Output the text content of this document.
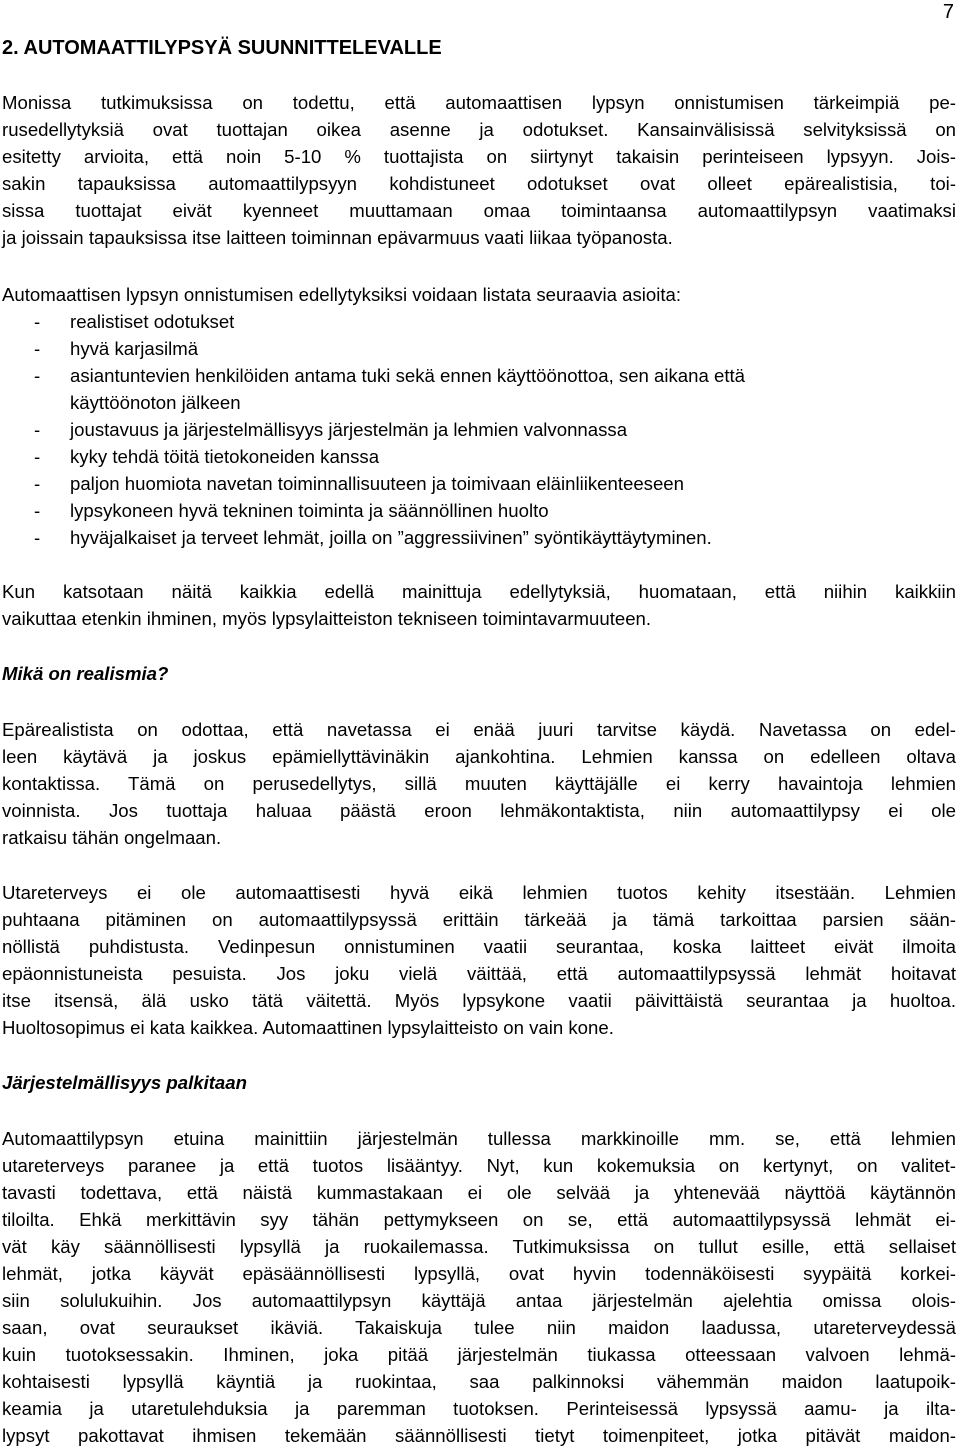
7
2. AUTOMAATTILYPSYÄ SUUNNITTELEVALLE
Monissa tutkimuksissa on todettu, että automaattisen lypsyn onnistumisen tärkeimpiä pe-
rusedellytyksiä ovat tuottajan oikea asenne ja odotukset. Kansainvälisissä selvityksissä on
esitetty arvioita, että noin 5-10 % tuottajista on siirtynyt takaisin perinteiseen lypsyyn. Jois-
sakin tapauksissa automaattilypsyyn kohdistuneet odotukset ovat olleet epärealistisia, toi-
sissa tuottajat eivät kyenneet muuttamaan omaa toimintaansa automaattilypsyn vaatimaksi
ja joissain tapauksissa itse laitteen toiminnan epävarmuus vaati liikaa työpanosta.
Automaattisen lypsyn onnistumisen edellytyksiksi voidaan listata seuraavia asioita:
- realistiset odotukset
- hyvä karjasilmä
- asiantuntevien henkilöiden antama tuki sekä ennen käyttöönottoa, sen aikana että
käyttöönoton jälkeen
- joustavuus ja järjestelmällisyys järjestelmän ja lehmien valvonnassa
- kyky tehdä töitä tietokoneiden kanssa
- paljon huomiota navetan toiminnallisuuteen ja toimivaan eläinliikenteeseen
- lypsykoneen hyvä tekninen toiminta ja säännöllinen huolto
- hyväjalkaiset ja terveet lehmät, joilla on ”aggressiivinen” syöntikäyttäytyminen.
Kun katsotaan näitä kaikkia edellä mainittuja edellytyksiä, huomataan, että niihin kaikkiin
vaikuttaa etenkin ihminen, myös lypsylaitteiston tekniseen toimintavarmuuteen.
Mikä on realismia?
Epärealistista on odottaa, että navetassa ei enää juuri tarvitse käydä. Navetassa on edel-
leen käytävä ja joskus epämiellyttävinäkin ajankohtina. Lehmien kanssa on edelleen oltava
kontaktissa. Tämä on perusedellytys, sillä muuten käyttäjälle ei kerry havaintoja lehmien
voinnista. Jos tuottaja haluaa päästä eroon lehmäkontaktista, niin automaattilypsy ei ole
ratkaisu tähän ongelmaan.
Utareterveys ei ole automaattisesti hyvä eikä lehmien tuotos kehity itsestään. Lehmien
puhtaana pitäminen on automaattilypsyssä erittäin tärkeää ja tämä tarkoittaa parsien sään-
nöllistä puhdistusta. Vedinpesun onnistuminen vaatii seurantaa, koska laitteet eivät ilmoita
epäonnistuneista pesuista. Jos joku vielä väittää, että automaattilypsyssä lehmät hoitavat
itse itsensä, älä usko tätä väitettä. Myös lypsykone vaatii päivittäistä seurantaa ja huoltoa.
Huoltosopimus ei kata kaikkea. Automaattinen lypsylaitteisto on vain kone.
Järjestelmällisyys palkitaan
Automaattilypsyn etuina mainittiin järjestelmän tullessa markkinoille mm. se, että lehmien
utareterveys paranee ja että tuotos lisääntyy. Nyt, kun kokemuksia on kertynyt, on valitet-
tavasti todettava, että näistä kummastakaan ei ole selvää ja yhtenevää näyttöä käytännön
tiloilta. Ehkä merkittävin syy tähän pettymykseen on se, että automaattilypsyssä lehmät ei-
vät käy säännöllisesti lypsyllä ja ruokailemassa. Tutkimuksissa on tullut esille, että sellaiset
lehmät, jotka käyvät epäsäännöllisesti lypsyllä, ovat hyvin todennäköisesti syypäitä korkei-
siin solulukuihin. Jos automaattilypsyn käyttäjä antaa järjestelmän ajelehtia omissa olois-
saan, ovat seuraukset ikäviä. Takaiskuja tulee niin maidon laadussa, utareterveydessä
kuin tuotoksessakin. Ihminen, joka pitää järjestelmän tiukassa otteessaan valvoen lehmä-
kohtaisesti lypsyllä käyntiä ja ruokintaa, saa palkinnoksi vähemmän maidon laatupoik-
keamia ja utaretulehduksia ja paremman tuotoksen. Perinteisessä lypsyssä aamu- ja ilta-
lypsyt pakottavat ihmisen tekemään säännöllisesti tietyt toimenpiteet, jotka pitävät maidon-
